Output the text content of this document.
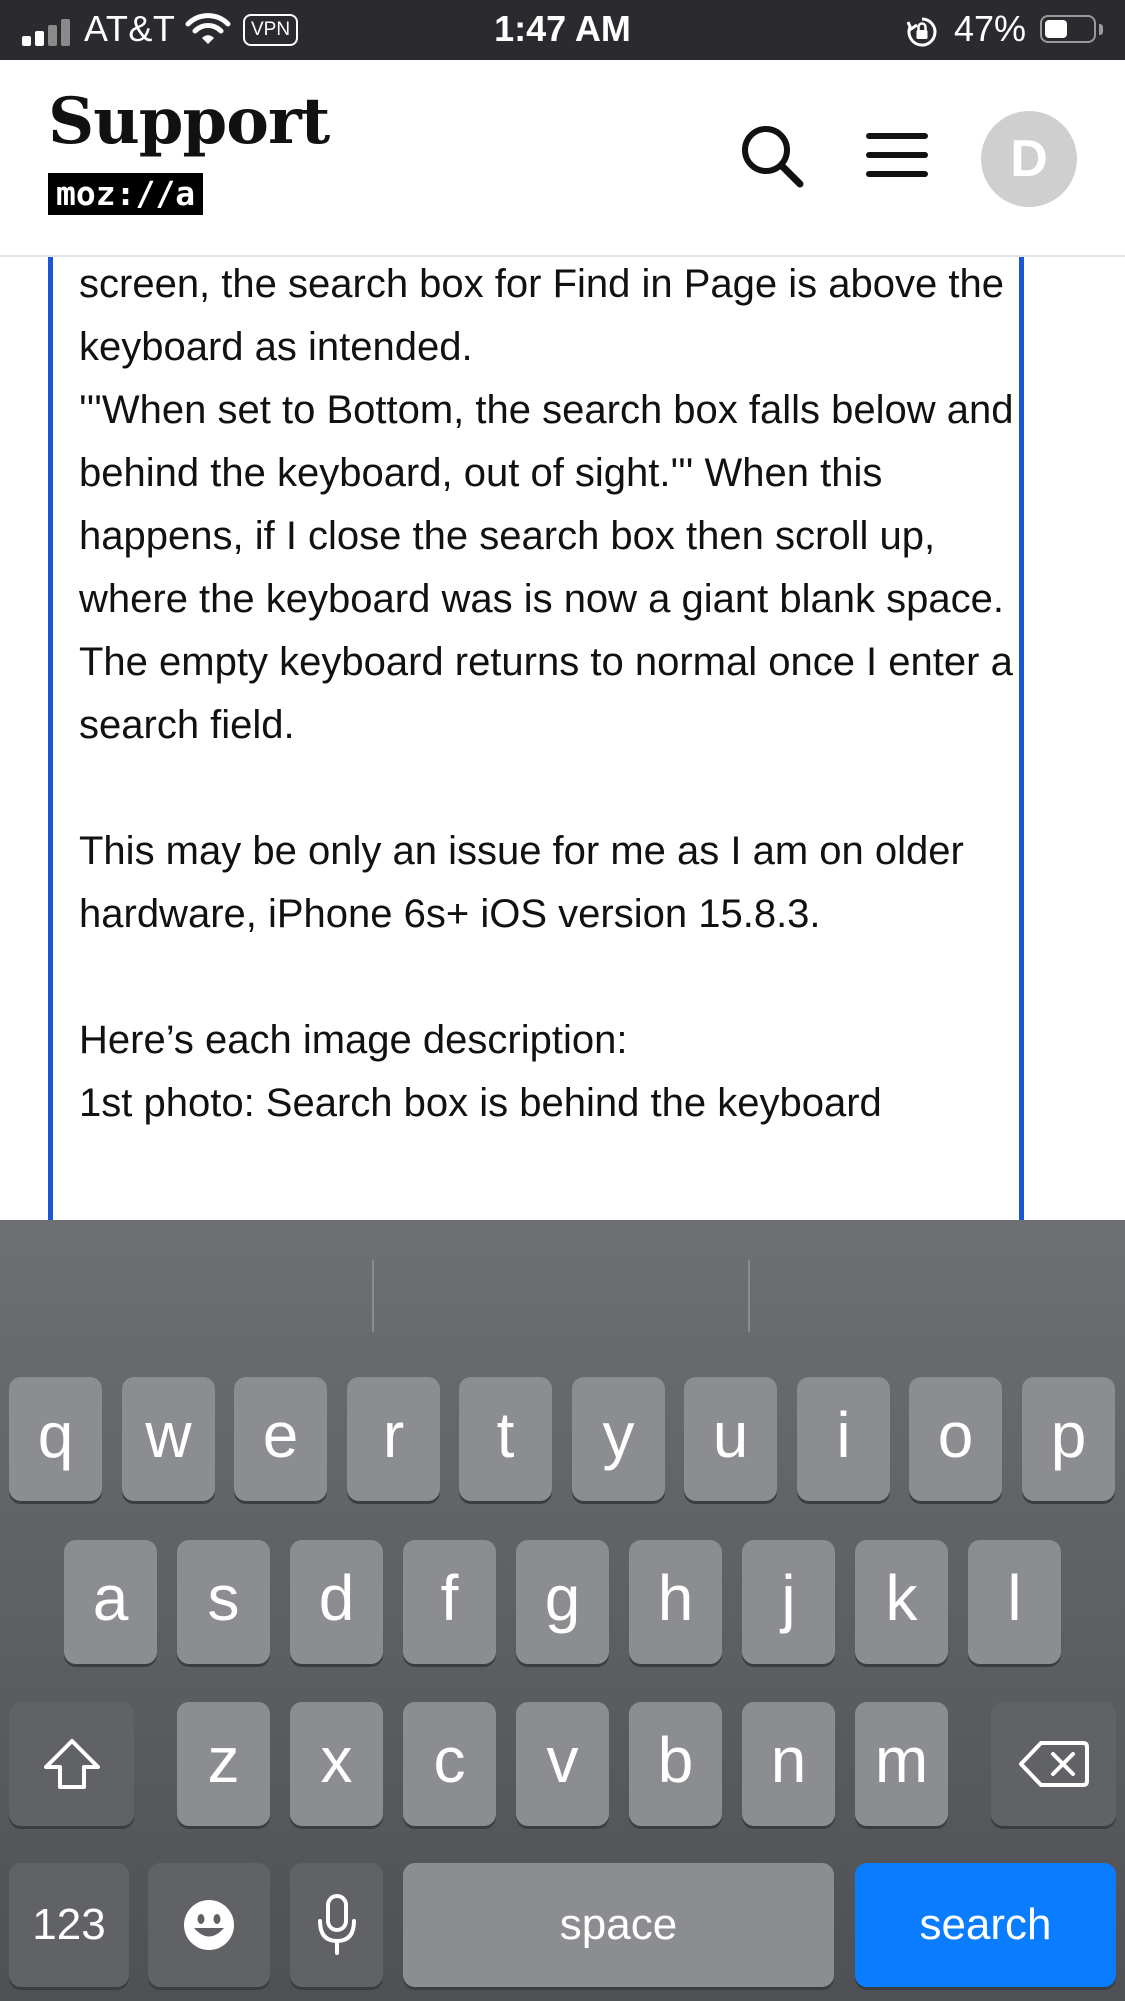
AT&T	VPN	1:47 AM	47%
Support
moz://a
D

screen, the search box for Find in Page is above the keyboard as intended.

'''When set to Bottom, the search box falls below and behind the keyboard, out of sight.''' When this happens, if I close the search box then scroll up, where the keyboard was is now a giant blank space. The empty keyboard returns to normal once I enter a search field.

This may be only an issue for me as I am on older hardware, iPhone 6s+ iOS version 15.8.3.

Here’s each image description:

1st photo: Search box is behind the keyboard

q	w	e	r	t	y	u	i	o	p
a	s	d	f	g	h	j	k	l
z	x	c	v	b	n	m
123	space	search
